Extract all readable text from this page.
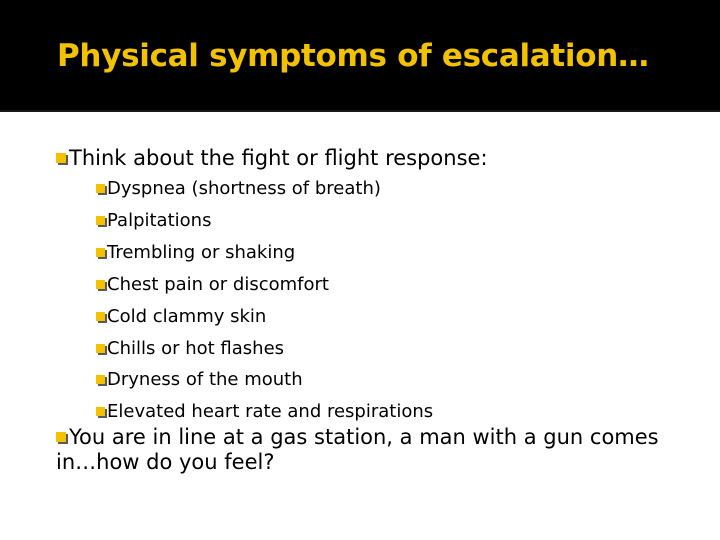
Physical symptoms of escalation…
Think about the fight or flight response:
Dyspnea (shortness of breath)
Palpitations
Trembling or shaking
Chest pain or discomfort
Cold clammy skin
Chills or hot flashes
Dryness of the mouth
Elevated heart rate and respirations
You are in line at a gas station, a man with a gun comes in…how do you feel?
